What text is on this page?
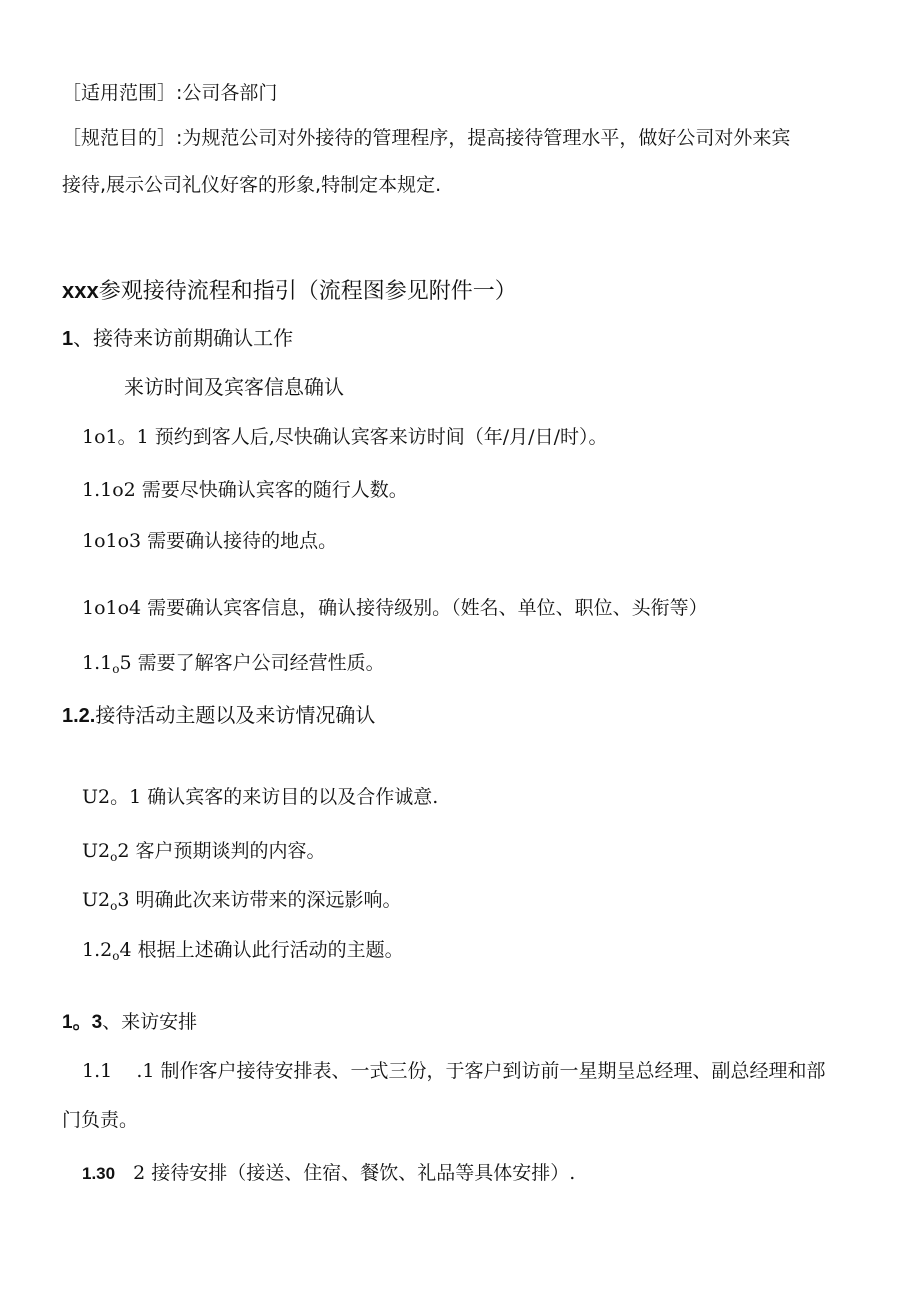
［适用范围］:公司各部门
［规范目的］:为规范公司对外接待的管理程序，提高接待管理水平，做好公司对外来宾
接待,展示公司礼仪好客的形象,特制定本规定.
xxx参观接待流程和指引（流程图参见附件一）
1、接待来访前期确认工作
来访时间及宾客信息确认
1o1。1 预约到客人后,尽快确认宾客来访时间（年/月/日/时）。
1.1o2 需要尽快确认宾客的随行人数。
1o1o3 需要确认接待的地点。
1o1o4 需要确认宾客信息，确认接待级别。（姓名、单位、职位、头衔等）
$1.1_o5$ 需要了解客户公司经营性质。
1.2.接待活动主题以及来访情况确认
U2。1 确认宾客的来访目的以及合作诚意.
$U2_o2$ 客户预期谈判的内容。
$U2_o3$ 明确此次来访带来的深远影响。
$1.2_o4$ 根据上述确认此行活动的主题。
1。3、来访安排
1.1    .1 制作客户接待安排表、一式三份，于客户到访前一星期呈总经理、副总经理和部
门负责。
1.30 2 接待安排（接送、住宿、餐饮、礼品等具体安排）.
